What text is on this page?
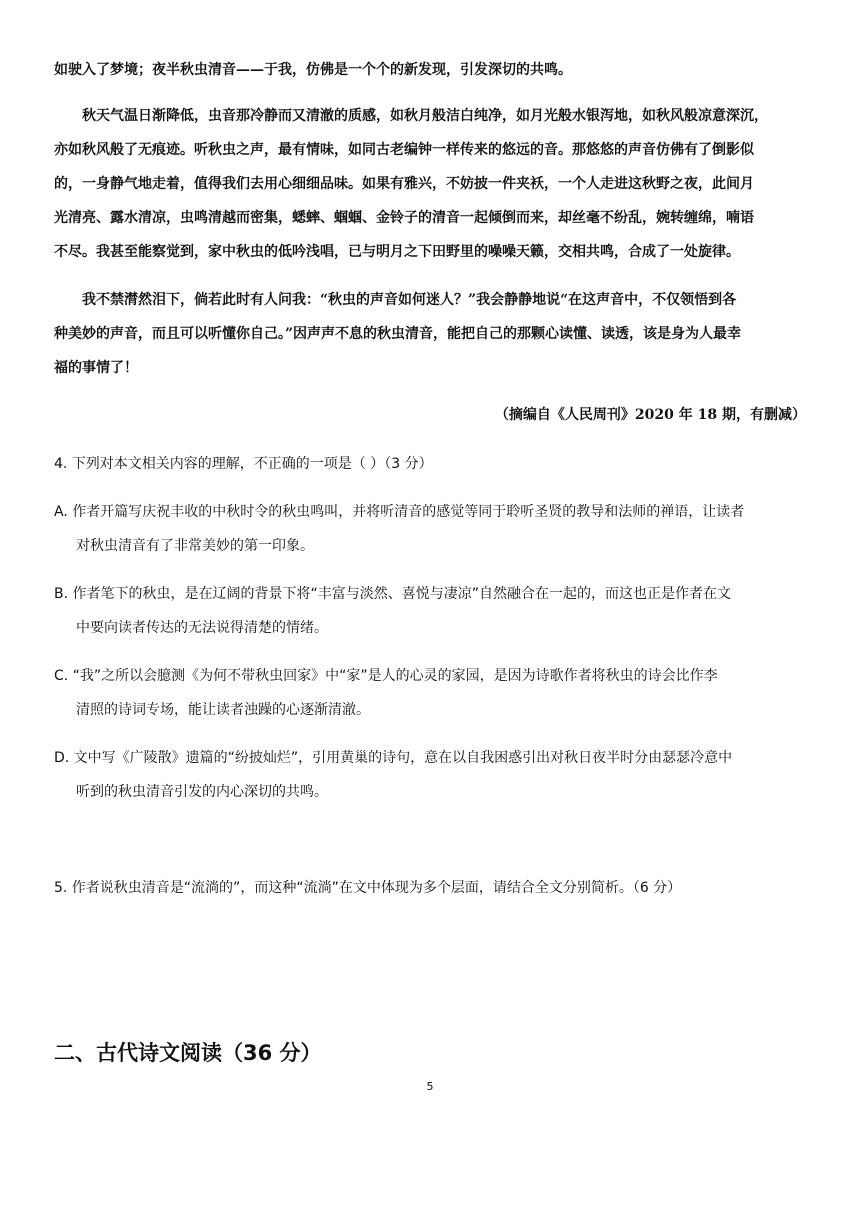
如驶入了梦境；夜半秋虫清音——于我，仿佛是一个个的新发现，引发深切的共鸣。
秋天气温日渐降低，虫音那冷静而又清澈的质感，如秋月般洁白纯净，如月光般水银泻地，如秋风般凉意深沉，
亦如秋风般了无痕迹。听秋虫之声，最有情味，如同古老编钟一样传来的悠远的音。那悠悠的声音仿佛有了倒影似
的，一身静气地走着，值得我们去用心细细品味。如果有雅兴，不妨披一件夹袄，一个人走进这秋野之夜，此间月
光清亮、露水清凉，虫鸣清越而密集，蟋蟀、蝈蝈、金铃子的清音一起倾倒而来，却丝毫不纷乱，婉转缠绵，喃语
不尽。我甚至能察觉到，家中秋虫的低吟浅唱，已与明月之下田野里的噪噪天籁，交相共鸣，合成了一处旋律。
我不禁潸然泪下，倘若此时有人问我：“秋虫的声音如何迷人？”我会静静地说“在这声音中，不仅领悟到各
种美妙的声音，而且可以听懂你自己。”因声声不息的秋虫清音，能把自己的那颗心读懂、读透，该是身为人最幸
福的事情了！
（摘编自《人民周刊》2020 年 18 期，有删减）
4. 下列对本文相关内容的理解，不正确的一项是（ ）（3 分）
A. 作者开篇写庆祝丰收的中秋时令的秋虫鸣叫，并将听清音的感觉等同于聆听圣贤的教导和法师的禅语，让读者
对秋虫清音有了非常美妙的第一印象。
B. 作者笔下的秋虫，是在辽阔的背景下将“丰富与淡然、喜悦与凄凉”自然融合在一起的，而这也正是作者在文
中要向读者传达的无法说得清楚的情绪。
C. “我”之所以会臆测《为何不带秋虫回家》中“家”是人的心灵的家园，是因为诗歌作者将秋虫的诗会比作李
清照的诗词专场，能让读者浊躁的心逐渐清澈。
D. 文中写《广陵散》遗篇的“纷披灿烂”，引用黄巢的诗句，意在以自我困惑引出对秋日夜半时分由瑟瑟冷意中
听到的秋虫清音引发的内心深切的共鸣。
5. 作者说秋虫清音是“流淌的”，而这种“流淌”在文中体现为多个层面，请结合全文分别简析。（6 分）
二、古代诗文阅读（36 分）
5
